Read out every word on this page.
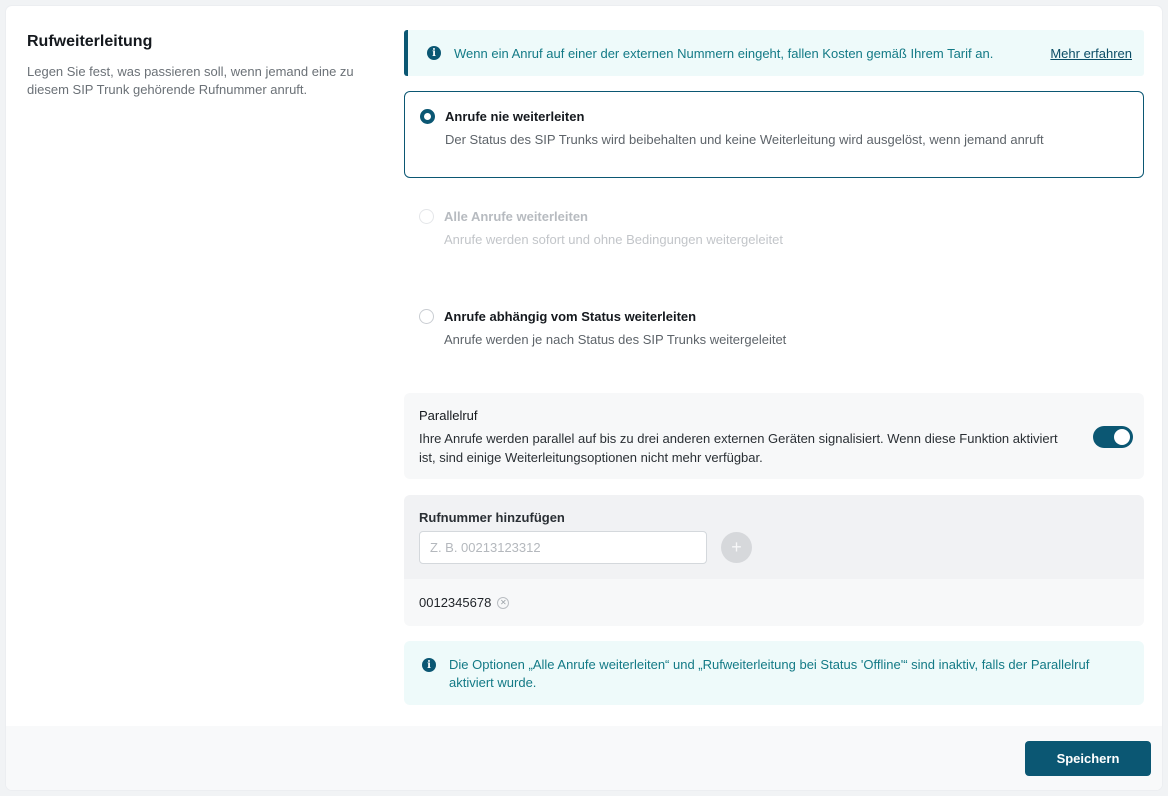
Rufweiterleitung
Legen Sie fest, was passieren soll, wenn jemand eine zu diesem SIP Trunk gehörende Rufnummer anruft.
i	Wenn ein Anruf auf einer der externen Nummern eingeht, fallen Kosten gemäß Ihrem Tarif an.	Mehr erfahren
Anrufe nie weiterleiten
Der Status des SIP Trunks wird beibehalten und keine Weiterleitung wird ausgelöst, wenn jemand anruft
Alle Anrufe weiterleiten
Anrufe werden sofort und ohne Bedingungen weitergeleitet
Anrufe abhängig vom Status weiterleiten
Anrufe werden je nach Status des SIP Trunks weitergeleitet
Parallelruf
Ihre Anrufe werden parallel auf bis zu drei anderen externen Geräten signalisiert. Wenn diese Funktion aktiviert ist, sind einige Weiterleitungsoptionen nicht mehr verfügbar.
Rufnummer hinzufügen
Z. B. 00213123312
+
0012345678	✕
i	Die Optionen „Alle Anrufe weiterleiten“ und „Rufweiterleitung bei Status 'Offline'“ sind inaktiv, falls der Parallelruf aktiviert wurde.
Speichern
